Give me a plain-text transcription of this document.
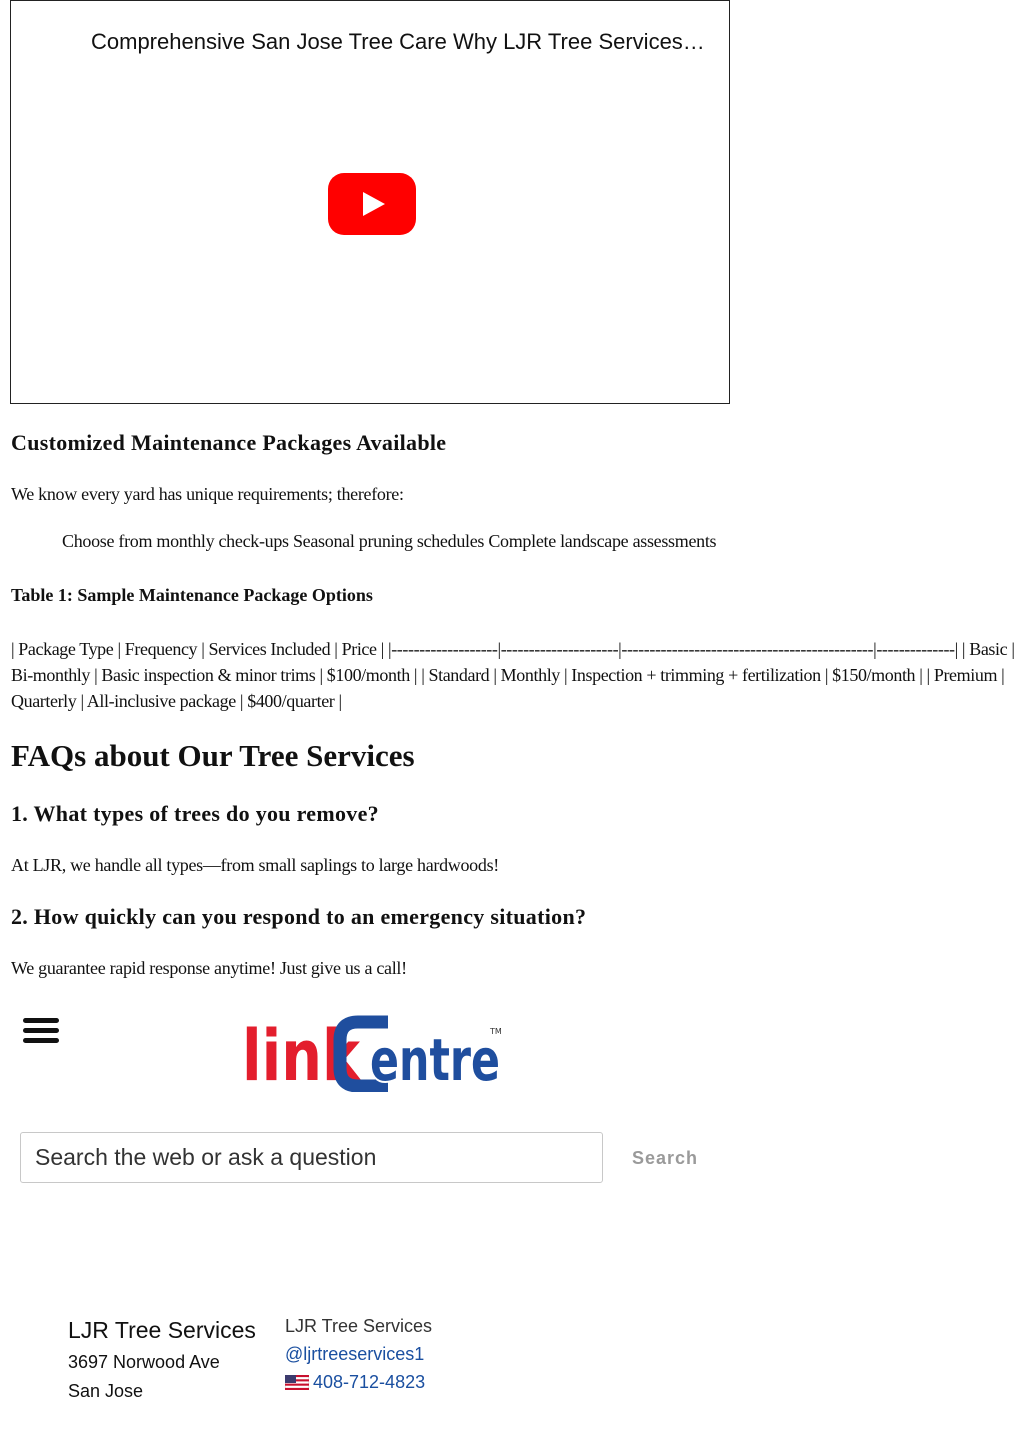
Comprehensive San Jose Tree Care Why LJR Tree Services…
Customized Maintenance Packages Available

We know every yard has unique requirements; therefore:

Choose from monthly check-ups Seasonal pruning schedules Complete landscape assessments

Table 1: Sample Maintenance Package Options

| Package Type | Frequency | Services Included | Price | |-------------------|---------------------|---------------------------------------------|--------------| | Basic | Bi-monthly | Basic inspection & minor trims | $100/month | | Standard | Monthly | Inspection + trimming + fertilization | $150/month | | Premium | Quarterly | All-inclusive package | $400/quarter |

FAQs about Our Tree Services
1. What types of trees do you remove?

At LJR, we handle all types—from small saplings to large hardwoods!

2. How quickly can you respond to an emergency situation?

We guarantee rapid response anytime! Just give us a call!

link entre
TM
Search the web or ask a question
Search

LJR Tree Services

3697 Norwood Ave

San Jose

LJR Tree Services

@ljrtreeservices1
408-712-4823
